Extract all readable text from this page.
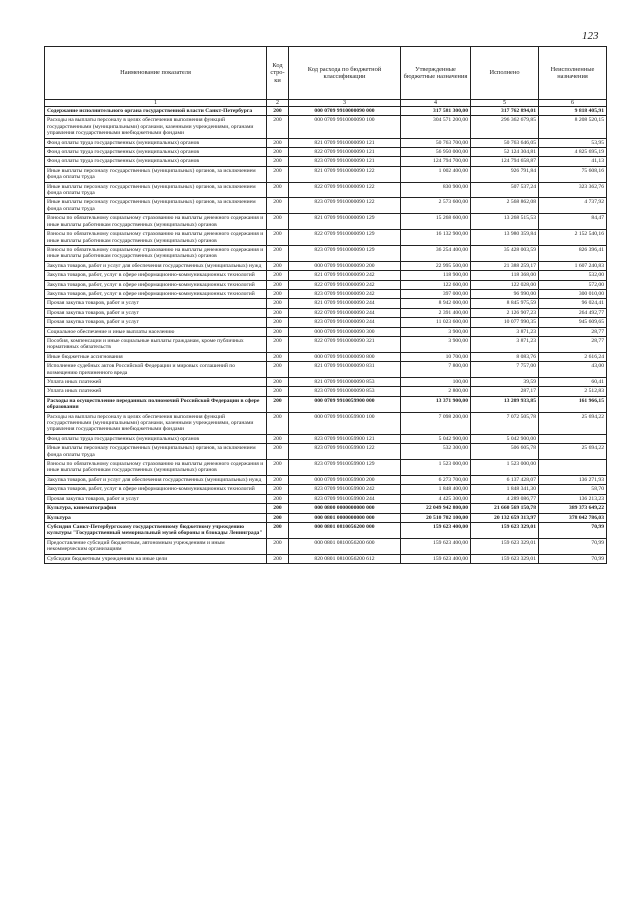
123
Наименование показателя	Код стро-ки	Код расхода по бюджетной классификации	Утвержденные бюджетные назначения	Исполнено	Неисполненные назначения
1	2	3	4	5	6
Содержание исполнительного органа государственной власти Санкт-Петербурга	200	000 0709 9910000090 000	317 581 300,00	317 762 894,01	9 818 405,91
Расходы на выплаты персоналу в целях обеспечения выполнения функций государственными (муниципальными) органами, казенными учреждениями, органами управления государственными внебюджетными фондами	200	000 0709 9910000090 100	304 571 200,00	296 362 679,85	8 208 520,15
Фонд оплаты труда государственных (муниципальных) органов	200	821 0709 9910000090 121	50 763 700,00	50 763 646,05	53,95
Фонд оплаты труда государственных (муниципальных) органов	200	822 0709 9910000090 121	56 950 000,00	52 124 304,81	4 825 695,19
Фонд оплаты труда государственных (муниципальных) органов	200	823 0709 9910000090 121	124 794 700,00	124 794 658,87	41,13
Иные выплаты персоналу государственных (муниципальных) органов, за исключением фонда оплаты труда	200	821 0709 9910000090 122	1 002 400,00	926 791,84	75 608,16
Иные выплаты персоналу государственных (муниципальных) органов, за исключением фонда оплаты труда	200	822 0709 9910000090 122	830 900,00	507 537,24	323 362,76
Иные выплаты персоналу государственных (муниципальных) органов, за исключением фонда оплаты труда	200	823 0709 9910000090 122	2 573 600,00	2 568 862,08	4 737,92
Взносы по обязательному социальному страхованию на выплаты денежного содержания и иные выплаты работникам государственных (муниципальных) органов	200	821 0709 9910000090 129	15 268 600,00	13 268 515,53	84,47
Взносы по обязательному социальному страхованию на выплаты денежного содержания и иные выплаты работникам государственных (муниципальных) органов	200	822 0709 9910000090 129	16 132 900,00	13 980 359,84	2 152 540,16
Взносы по обязательному социальному страхованию на выплаты денежного содержания и иные выплаты работникам государственных (муниципальных) органов	200	823 0709 9910000090 129	36 254 400,00	35 428 003,59	826 396,41
Закупка товаров, работ и услуг для обеспечения государственных (муниципальных) нужд	200	000 0709 9910000090 200	22 995 500,00	21 388 259,17	1 607 240,83
Закупка товаров, работ, услуг в сфере информационно-коммуникационных технологий	200	821 0709 9910000090 242	118 900,00	118 368,00	532,00
Закупка товаров, работ, услуг в сфере информационно-коммуникационных технологий	200	822 0709 9910000090 242	122 600,00	122 028,00	572,00
Закупка товаров, работ, услуг в сфере информационно-коммуникационных технологий	200	823 0709 9910000090 242	397 000,00	96 990,00	300 010,00
Прочая закупка товаров, работ и услуг	200	821 0709 9910000090 244	8 942 000,00	8 845 975,59	96 024,41
Прочая закупка товаров, работ и услуг	200	822 0709 9910000090 244	2 391 400,00	2 126 907,23	264 492,77
Прочая закупка товаров, работ и услуг	200	823 0709 9910000090 244	11 023 600,00	10 077 990,35	945 609,65
Социальное обеспечение и иные выплаты населению	200	000 0709 9910000090 300	3 900,00	3 871,23	28,77
Пособия, компенсации и иные социальные выплаты гражданам, кроме публичных нормативных обязательств	200	822 0709 9910000090 321	3 900,00	3 871,23	28,77
Иные бюджетные ассигнования	200	000 0709 9910000090 800	10 700,00	8 083,76	2 616,24
Исполнение судебных актов Российской Федерации и мировых соглашений по возмещению причиненного вреда	200	821 0709 9910000090 831	7 800,00	7 757,00	43,00
Уплата иных платежей	200	821 0709 9910000090 853	100,00	39,59	60,41
Уплата иных платежей	200	823 0709 9910000090 853	2 800,00	287,17	2 512,83
Расходы на осуществление переданных полномочий Российской Федерации в сфере образования	200	000 0709 9910059900 000	13 371 900,00	13 209 933,85	161 966,15
Расходы на выплаты персоналу в целях обеспечения выполнения функций государственными (муниципальными) органами, казенными учреждениями, органами управления государственными внебюджетными фондами	200	000 0709 9910059900 100	7 098 200,00	7 072 505,78	25 694,22
Фонд оплаты труда государственных (муниципальных) органов	200	823 0709 9910059900 121	5 042 900,00	5 042 900,00	
Иные выплаты персоналу государственных (муниципальных) органов, за исключением фонда оплаты труда	200	823 0709 9910059900 122	532 300,00	506 605,78	25 694,22
Взносы по обязательному социальному страхованию на выплаты денежного содержания и иные выплаты работникам государственных (муниципальных) органов	200	823 0709 9910059900 129	1 523 000,00	1 523 000,00	
Закупка товаров, работ и услуг для обеспечения государственных (муниципальных) нужд	200	000 0709 9910059900 200	6 273 700,00	6 137 428,07	136 271,93
Закупка товаров, работ, услуг в сфере информационно-коммуникационных технологий	200	823 0709 9910059900 242	1 848 400,00	1 848 341,30	58,70
Прочая закупка товаров, работ и услуг	200	823 0709 9910059900 244	4 425 300,00	4 289 086,77	136 213,23
Культура, кинематография	200	000 0800 0000000000 000	22 049 942 800,00	21 660 569 150,78	389 373 649,22
Культура	200	000 0801 0000000000 000	20 510 702 100,00	20 132 659 313,97	378 042 786,03
Субсидия Санкт-Петербургскому государственному бюджетному учреждению культуры "Государственный мемориальный музей обороны и блокады Ленинграда"	200	000 0801 0810056200 000	159 623 400,00	159 623 329,01	70,99
Предоставление субсидий бюджетным, автономным учреждениям и иным некоммерческим организациям	200	000 0801 0810056200 600	159 623 400,00	159 623 329,01	70,99
Субсидии бюджетным учреждениям на иные цели	200	820 0801 0810056200 612	159 623 400,00	159 623 329,01	70,99
